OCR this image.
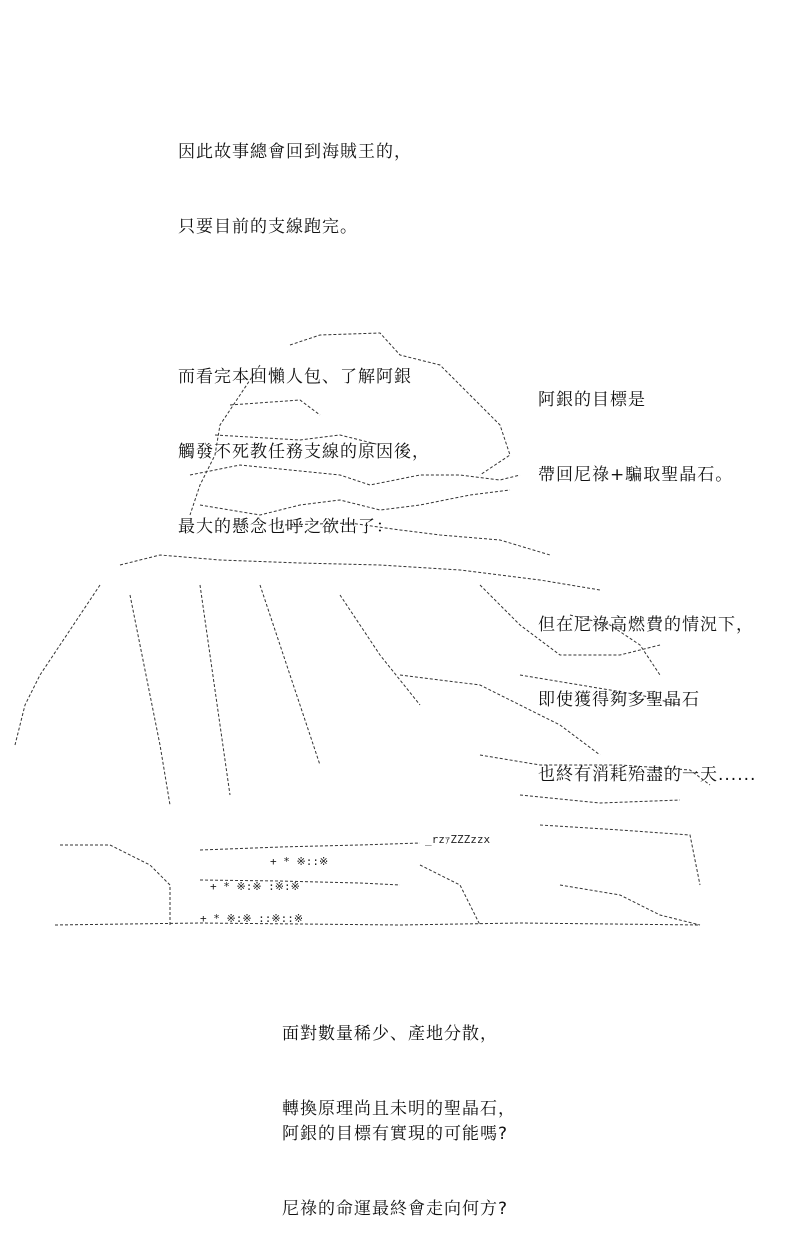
因此故事總會回到海賊王的，

只要目前的支線跑完。

而看完本回懶人包、了解阿銀

觸發不死教任務支線的原因後，

最大的懸念也呼之欲出了：

阿銀的目標是

帶回尼祿+騙取聖晶石。

但在尼祿高燃費的情況下，

即使獲得夠多聖晶石

也終有消耗殆盡的一天......

_rzｧZZZzzx
+ * ※::※
+ * ※:※ :※:※
+ * ※:※ ::※::※

面對數量稀少、產地分散，

轉換原理尚且未明的聖晶石，

阿銀的目標有實現的可能嗎?

尼祿的命運最終會走向何方?
